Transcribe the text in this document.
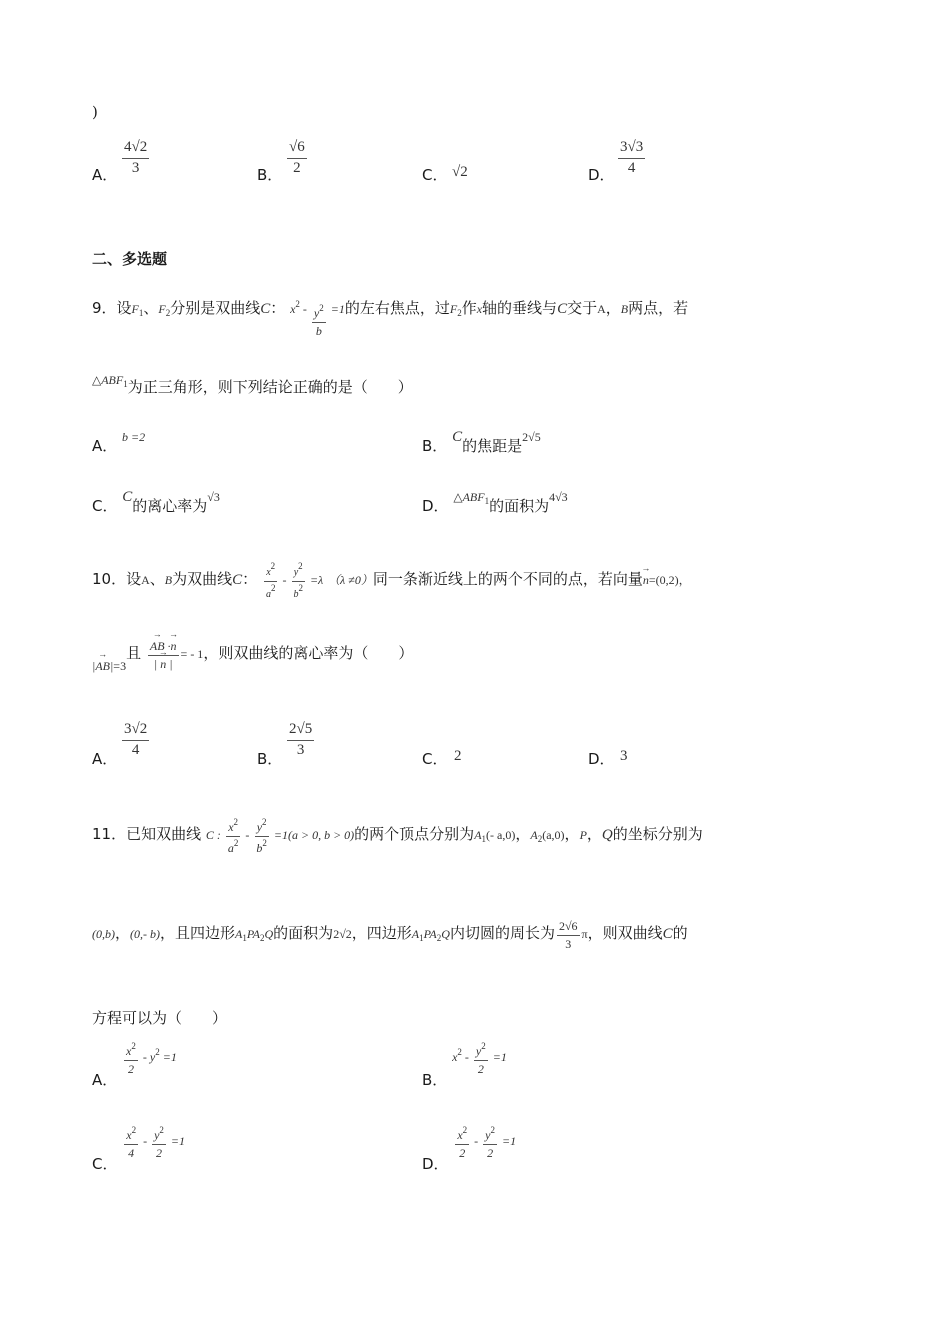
)
A． $\frac{4√2}{3}$	B． $\frac{√6}{2}$	C． √2	D． $\frac{3√3}{4}$
二、多选题
9．设$F_1$、$F_2$分别是双曲线C： $x^2 - \frac{y^2}{b} =1$的左右焦点，过$F_2$作x轴的垂线与C交于A，B两点，若
$^{\triangle ABF_1}$为正三角形，则下列结论正确的是（　　）
A． $^{b =2}$	B． C的焦距是$^{2√5}$
C． C的离心率为$^{√3}$	D． $^{\triangle ABF_1}$的面积为$^{4√3}$
10．设A、B为双曲线C： $\frac{x2}{a2} - \frac{y2}{b2} =\lambda$ （λ ≠0）同一条渐近线上的两个不同的点，若向量→ n=(0,2)，
$_{|\to AB|=3}$且
→ $\frac{AB \cdot\to n}{| \to n |}$ = - 1，则双曲线的离心率为（　　）
A．
$\frac{3√2}{4}$
B．
$\frac{2√5}{3}$
C． 2	D． 3
11．已知双曲线 C : $\frac{x^2}{a^2} - \frac{y^2}{b^2} =1(a > 0$, b > 0)的两个顶点分别为$A_1(-$ a,0)，$A_2(a,0)$，P，Q的坐标分别为
(0,b)，(0,- b)，且四边形$A_1PA_2Q$的面积为2√2，四边形$A_1PA_2Q$内切圆的周长为 $\frac{2√6}{3}$ π，则双曲线C的
方程可以为（　　）
A．
$\frac{x^2}{2} - y^2 =1$
B． $x^2 - \frac{y^2}{2} =1$
C．
$\frac{x^2}{4} - \frac{y^2}{2} =1$
D．
$\frac{x^2}{2} - \frac{y^2}{2} =1$
